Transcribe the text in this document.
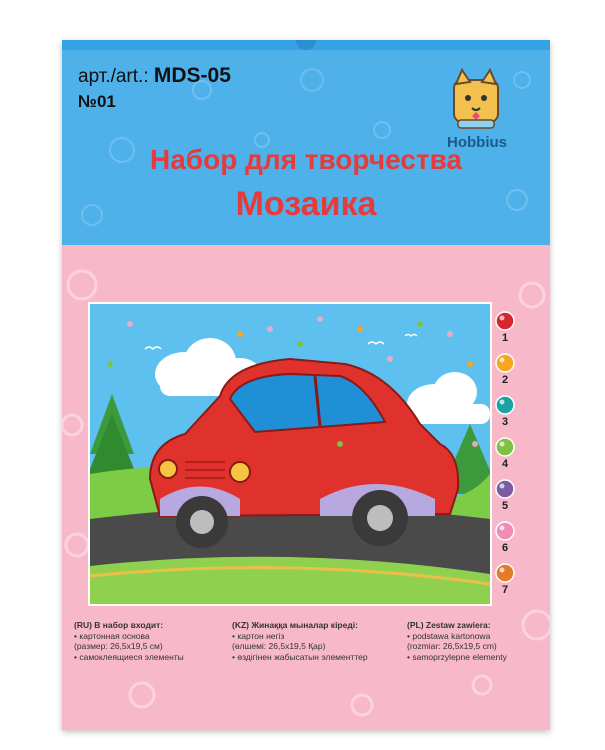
арт./art.: MDS-05
№01
Hobbius
Набор для творчества
Мозаика
1
2
3
4
5
6
7
(RU) В набор входит:
• картонная основа
(размер: 26,5х19,5 см)
• самоклеящиеся элементы
(KZ) Жинаққа мыналар кіреді:
• картон негіз
(өлшемі: 26,5х19,5 Қар)
• өздігінен жабысатын элементтер
(PL) Zestaw zawiera:
• podstawa kartonowa
(rozmiar: 26,5x19,5 cm)
• samoprzylepne elementy
